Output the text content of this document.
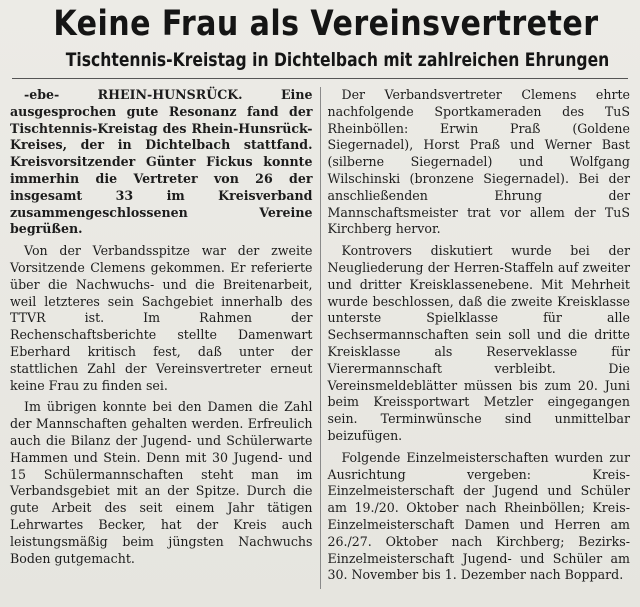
Keine Frau als Vereinsvertreter
Tischtennis-Kreistag in Dichtelbach mit zahlreichen Ehrungen

-ebe- RHEIN-HUNSRÜCK.	Eine ausgesprochen gute Resonanz fand der Tischtennis-Kreistag des Rhein-Hunsrück-Kreises, der in Dichtelbach stattfand. Kreisvorsitzender Günter Fickus konnte immerhin die Vertreter von 26 der insgesamt 33 im Kreisverband zusammengeschlossenen Vereine begrüßen.

Von der Verbandsspitze war der zweite Vorsitzende Clemens gekommen. Er referierte über die Nachwuchs- und die Breitenarbeit, weil letzteres sein Sachgebiet innerhalb des TTVR ist. Im Rahmen der Rechenschaftsberichte stellte Damenwart Eberhard kritisch fest, daß unter der stattlichen Zahl der Vereinsvertreter erneut keine Frau zu finden sei.

Im übrigen konnte bei den Damen die Zahl der Mannschaften gehalten werden. Erfreulich auch die Bilanz der Jugend- und Schülerwarte Hammen und Stein. Denn mit 30 Jugend- und 15 Schülermannschaften steht man im Verbandsgebiet mit an der Spitze. Durch die gute Arbeit des seit einem Jahr tätigen Lehrwartes Becker, hat der Kreis auch leistungsmäßig beim jüngsten Nachwuchs Boden gutgemacht.

Der Verbandsvertreter Clemens ehrte nachfolgende Sportkameraden des TuS Rheinböllen: Erwin Praß (Goldene Siegernadel), Horst Praß und Werner Bast (silberne Siegernadel) und Wolfgang Wilschinski (bronzene Siegernadel). Bei der anschließenden Ehrung der Mannschaftsmeister trat vor allem der TuS Kirchberg hervor.

Kontrovers diskutiert wurde bei der Neugliederung der Herren-Staffeln auf zweiter und dritter Kreisklassenebene. Mit Mehrheit wurde beschlossen, daß die zweite Kreisklasse unterste Spielklasse für alle Sechsermannschaften sein soll und die dritte Kreisklasse als Reserveklasse für Vierermannschaft verbleibt. Die Vereinsmeldeblätter müssen bis zum 20. Juni beim Kreissportwart Metzler eingegangen sein. Terminwünsche sind unmittelbar beizufügen.

Folgende Einzelmeisterschaften wurden zur Ausrichtung vergeben: Kreis-Einzelmeisterschaft der Jugend und Schüler am 19./20. Oktober nach Rheinböllen; Kreis-Einzelmeisterschaft Damen und Herren am 26./27. Oktober nach Kirchberg; Bezirks-Einzelmeisterschaft Jugend- und Schüler am 30. November bis 1. Dezember nach Boppard.
